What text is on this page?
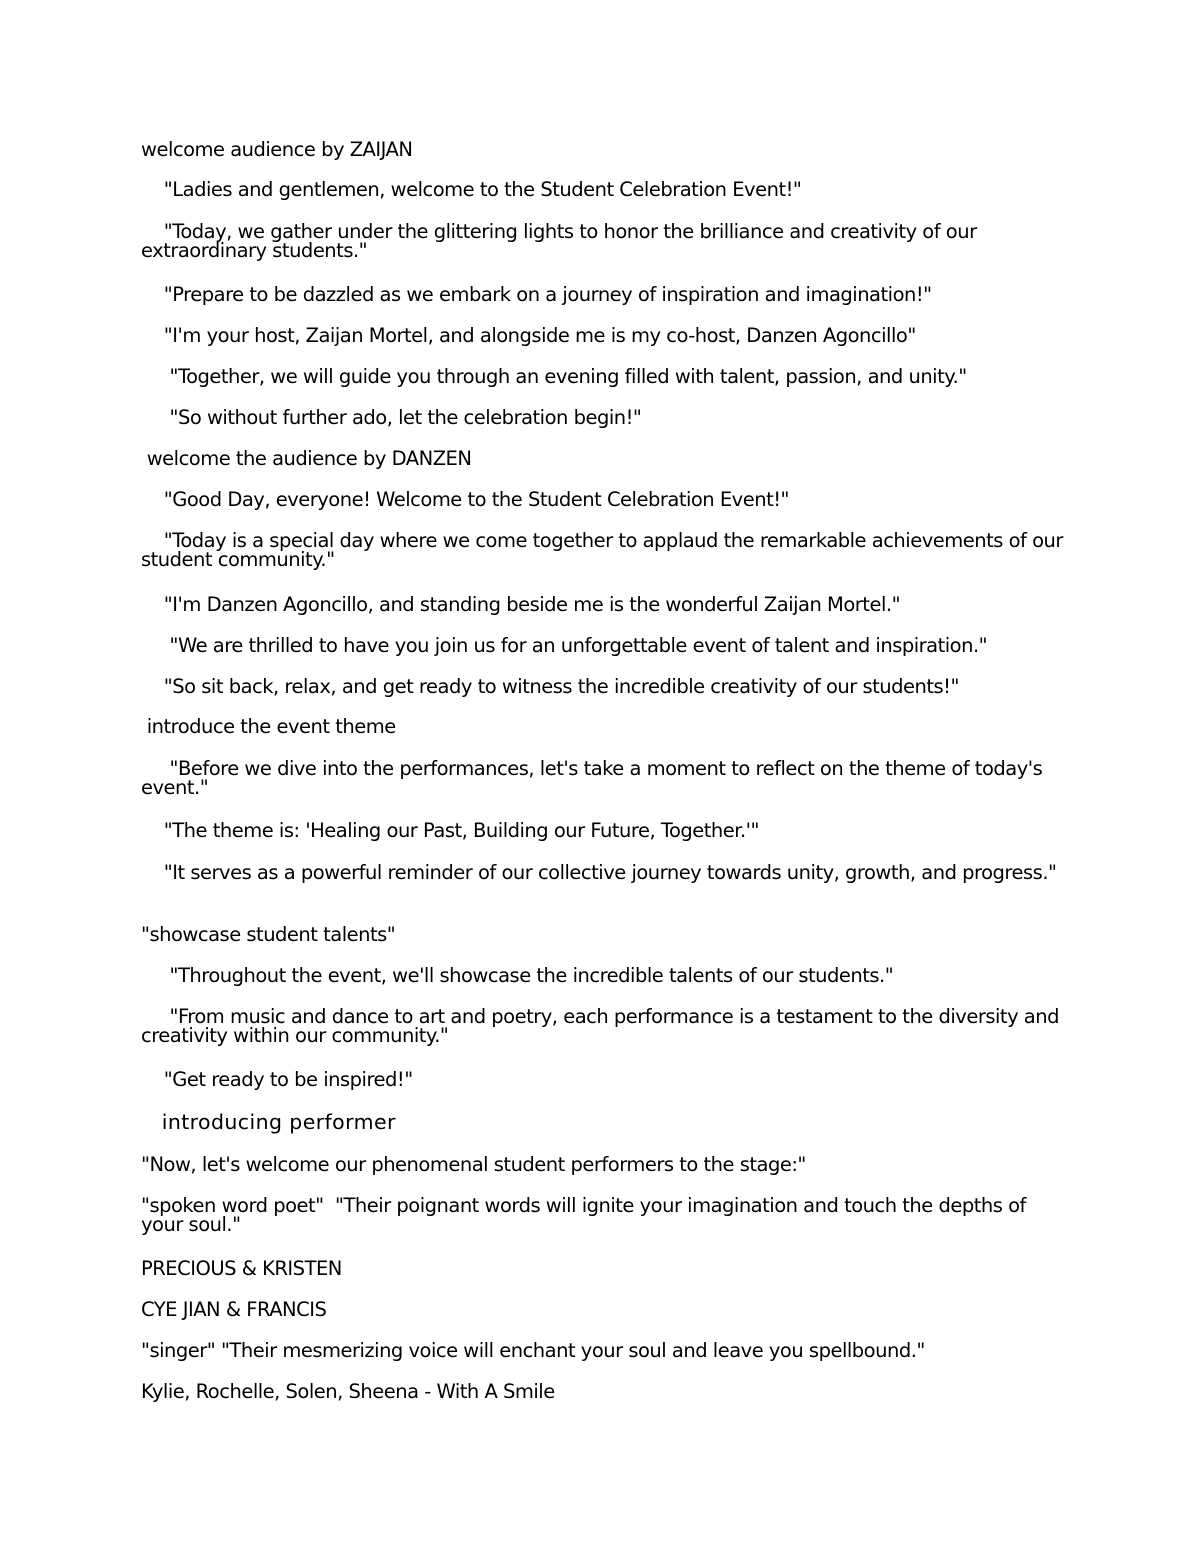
welcome audience by ZAIJAN

"Ladies and gentlemen, welcome to the Student Celebration Event!"

"Today, we gather under the glittering lights to honor the brilliance and creativity of our extraordinary students."

"Prepare to be dazzled as we embark on a journey of inspiration and imagination!"

"I'm your host, Zaijan Mortel, and alongside me is my co-host, Danzen Agoncillo"

"Together, we will guide you through an evening filled with talent, passion, and unity."

"So without further ado, let the celebration begin!"

welcome the audience by DANZEN

"Good Day, everyone! Welcome to the Student Celebration Event!"

"Today is a special day where we come together to applaud the remarkable achievements of our student community."

"I'm Danzen Agoncillo, and standing beside me is the wonderful Zaijan Mortel."

"We are thrilled to have you join us for an unforgettable event of talent and inspiration."

"So sit back, relax, and get ready to witness the incredible creativity of our students!"

introduce the event theme

"Before we dive into the performances, let's take a moment to reflect on the theme of today's event."

"The theme is: 'Healing our Past, Building our Future, Together.'"

"It serves as a powerful reminder of our collective journey towards unity, growth, and progress."

"showcase student talents"

"Throughout the event, we'll showcase the incredible talents of our students."

"From music and dance to art and poetry, each performance is a testament to the diversity and creativity within our community."

"Get ready to be inspired!"

introducing performer

"Now, let's welcome our phenomenal student performers to the stage:"

"spoken word poet"  "Their poignant words will ignite your imagination and touch the depths of your soul."

PRECIOUS & KRISTEN

CYE JIAN & FRANCIS

"singer" "Their mesmerizing voice will enchant your soul and leave you spellbound."

Kylie, Rochelle, Solen, Sheena - With A Smile
